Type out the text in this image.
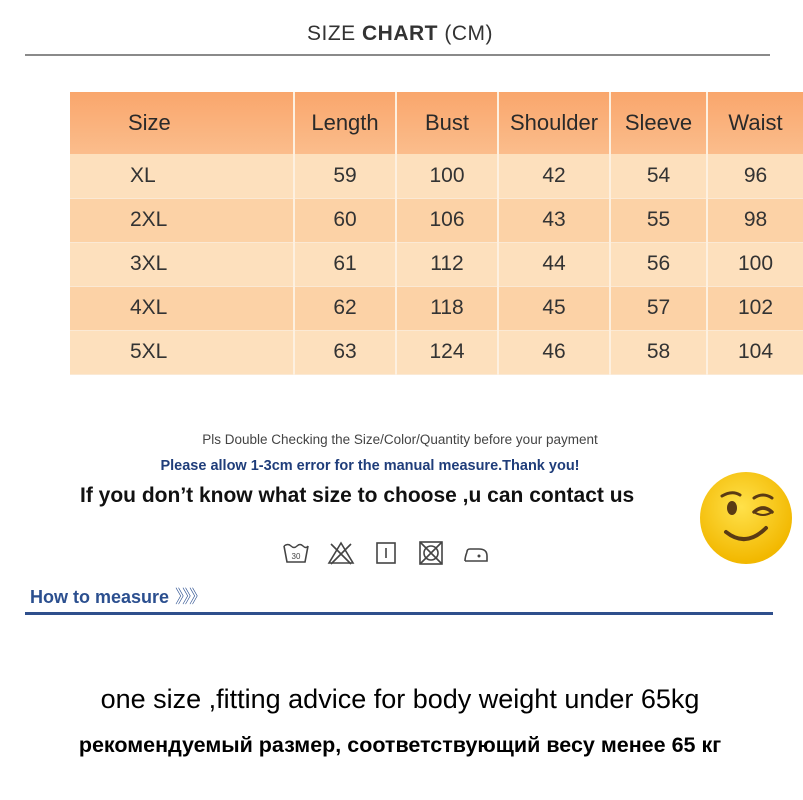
SIZE CHART (CM)
Size	Length	Bust	Shoulder	Sleeve	Waist
XL	59	100	42	54	96
2XL	60	106	43	55	98
3XL	61	112	44	56	100
4XL	62	118	45	57	102
5XL	63	124	46	58	104
Pls Double Checking the Size/Color/Quantity before your payment
Please allow 1-3cm error for the manual measure.Thank you!
If you don’t know what size to choose ,u can contact us
30
How to measure 》》》
one size ,fitting advice for body weight under 65kg
рекомендуемый размер, соответствующий весу менее 65 кг
